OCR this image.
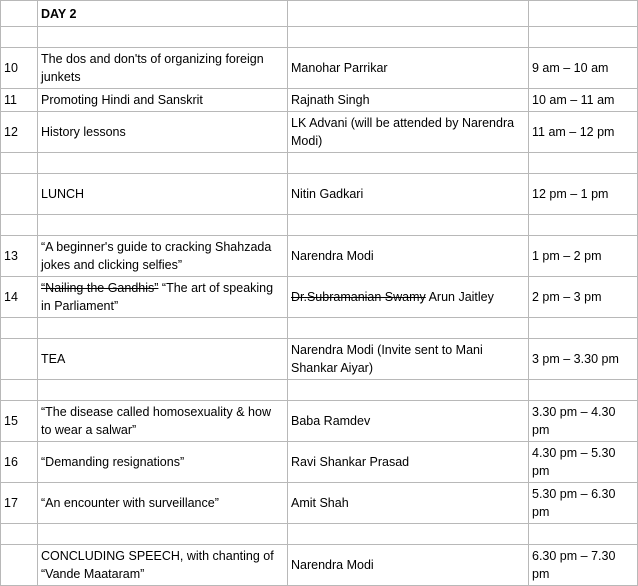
	DAY 2		

10	The dos and don'ts of organizing foreign junkets	Manohar Parrikar	9 am – 10 am
11	Promoting Hindi and Sanskrit	Rajnath Singh	10 am – 11 am
12	History lessons	LK Advani (will be attended by Narendra Modi)	11 am – 12 pm

	LUNCH	Nitin Gadkari	12 pm – 1 pm

13	“A beginner's guide to cracking Shahzada jokes and clicking selfies”	Narendra Modi	1 pm – 2 pm
14	“Nailing the Gandhis” “The art of speaking in Parliament”	Dr.Subramanian Swamy Arun Jaitley	2 pm – 3 pm

	TEA	Narendra Modi (Invite sent to Mani Shankar Aiyar)	3 pm – 3.30 pm

15	“The disease called homosexuality & how to wear a salwar”	Baba Ramdev	3.30 pm – 4.30 pm
16	“Demanding resignations”	Ravi Shankar Prasad	4.30 pm – 5.30 pm
17	“An encounter with surveillance”	Amit Shah	5.30 pm – 6.30 pm

	CONCLUDING SPEECH, with chanting of “Vande Maataram”	Narendra Modi	6.30 pm – 7.30 pm
